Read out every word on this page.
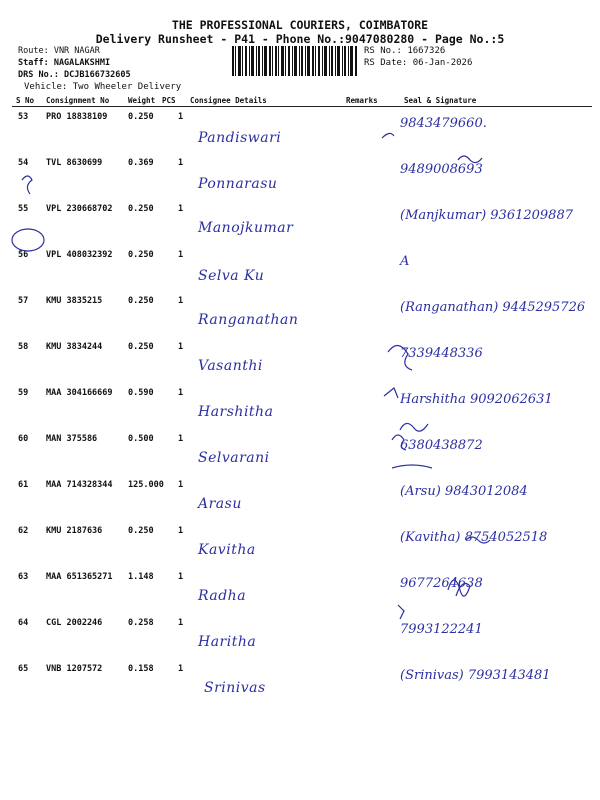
THE PROFESSIONAL COURIERS, COIMBATORE
Delivery Runsheet - P41 - Phone No.:9047080280 - Page No.:5
Route: VNR NAGAR
Staff: NAGALAKSHMI
DRS No.: DCJB166732605
Vehicle: Two Wheeler Delivery
RS No.: 1667326
RS Date: 06-Jan-2026
S No Consignment No	Weight PCS Consignee Details	Remarks	Seal & Signature
53 PRO 18838109 0.250	1
Pandiswari
9843479660.
54 TVL 8630699	0.369	1
Ponnarasu
9489008693
55 VPL 230668702 0.250	1
Manojkumar
(Manjkumar) 9361209887
56 VPL 408032392 0.250	1
Selva Ku
A
57 KMU 3835215	0.250	1
Ranganathan
(Ranganathan) 9445295726
58 KMU 3834244	0.250	1
Vasanthi
7339448336
59 MAA 304166669 0.590	1
Harshitha
Harshitha 9092062631
60 MAN 375586	0.500	1
Selvarani
6380438872
61 MAA 714328344 125.000 1
Arasu
(Arsu) 9843012084
62 KMU 2187636	0.250	1
Kavitha
(Kavitha) 8754052518
63 MAA 651365271 1.148	1
Radha
9677264638
64 CGL 2002246	0.258	1
Haritha
7993122241
65 VNB 1207572	0.158	1
Srinivas
(Srinivas) 7993143481
